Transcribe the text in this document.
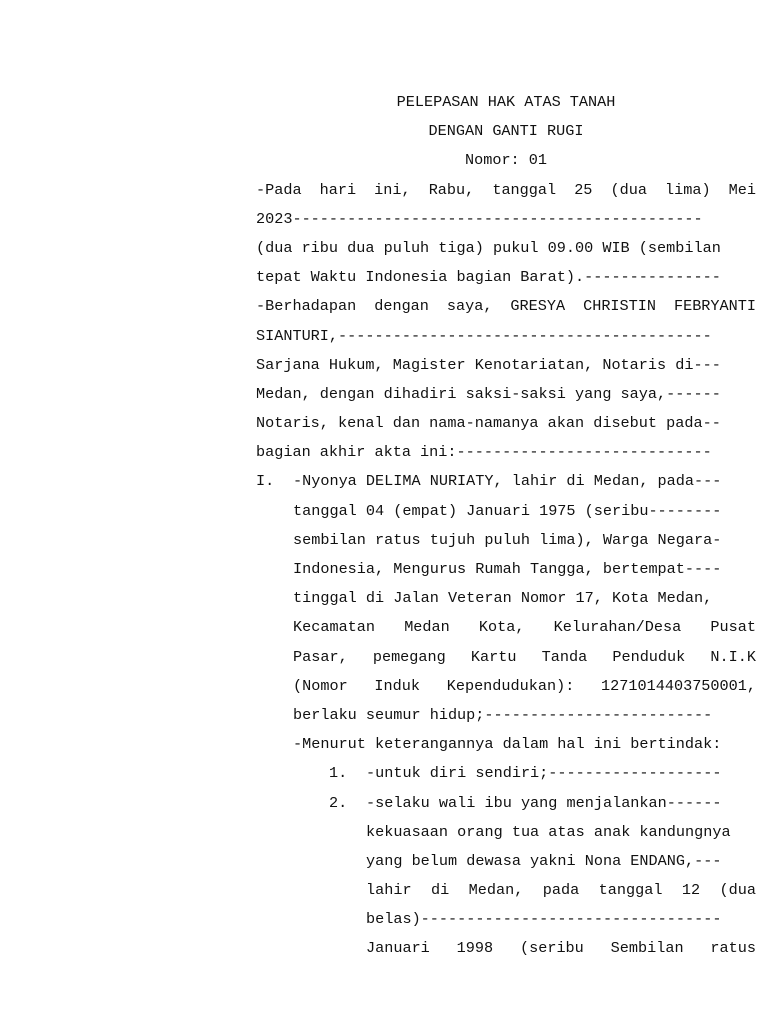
PELEPASAN HAK ATAS TANAH
DENGAN GANTI RUGI
Nomor: 01
-Pada hari ini, Rabu, tanggal 25 (dua lima) Mei
2023---------------------------------------------
(dua ribu dua puluh tiga) pukul 09.00 WIB (sembilan
tepat Waktu Indonesia bagian Barat).---------------
-Berhadapan dengan saya, GRESYA CHRISTIN FEBRYANTI
SIANTURI,-----------------------------------------
Sarjana Hukum, Magister Kenotariatan, Notaris di---
Medan, dengan dihadiri saksi-saksi yang saya,------
Notaris, kenal dan nama-namanya akan disebut pada--
bagian akhir akta ini:----------------------------
I.	-Nyonya DELIMA NURIATY, lahir di Medan, pada---
tanggal 04 (empat) Januari 1975 (seribu--------
sembilan ratus tujuh puluh lima), Warga Negara-
Indonesia, Mengurus Rumah Tangga, bertempat----
tinggal di Jalan Veteran Nomor 17, Kota Medan,
Kecamatan Medan Kota, Kelurahan/Desa Pusat
Pasar, pemegang Kartu Tanda Penduduk N.I.K
(Nomor Induk Kependudukan): 1271014403750001,
berlaku seumur hidup;-------------------------
-Menurut keterangannya dalam hal ini bertindak:
1.	-untuk diri sendiri;-------------------
2.	-selaku wali ibu yang menjalankan------
kekuasaan orang tua atas anak kandungnya
yang belum dewasa yakni Nona ENDANG,---
lahir di Medan, pada tanggal 12 (dua
belas)---------------------------------
Januari 1998 (seribu Sembilan ratus
